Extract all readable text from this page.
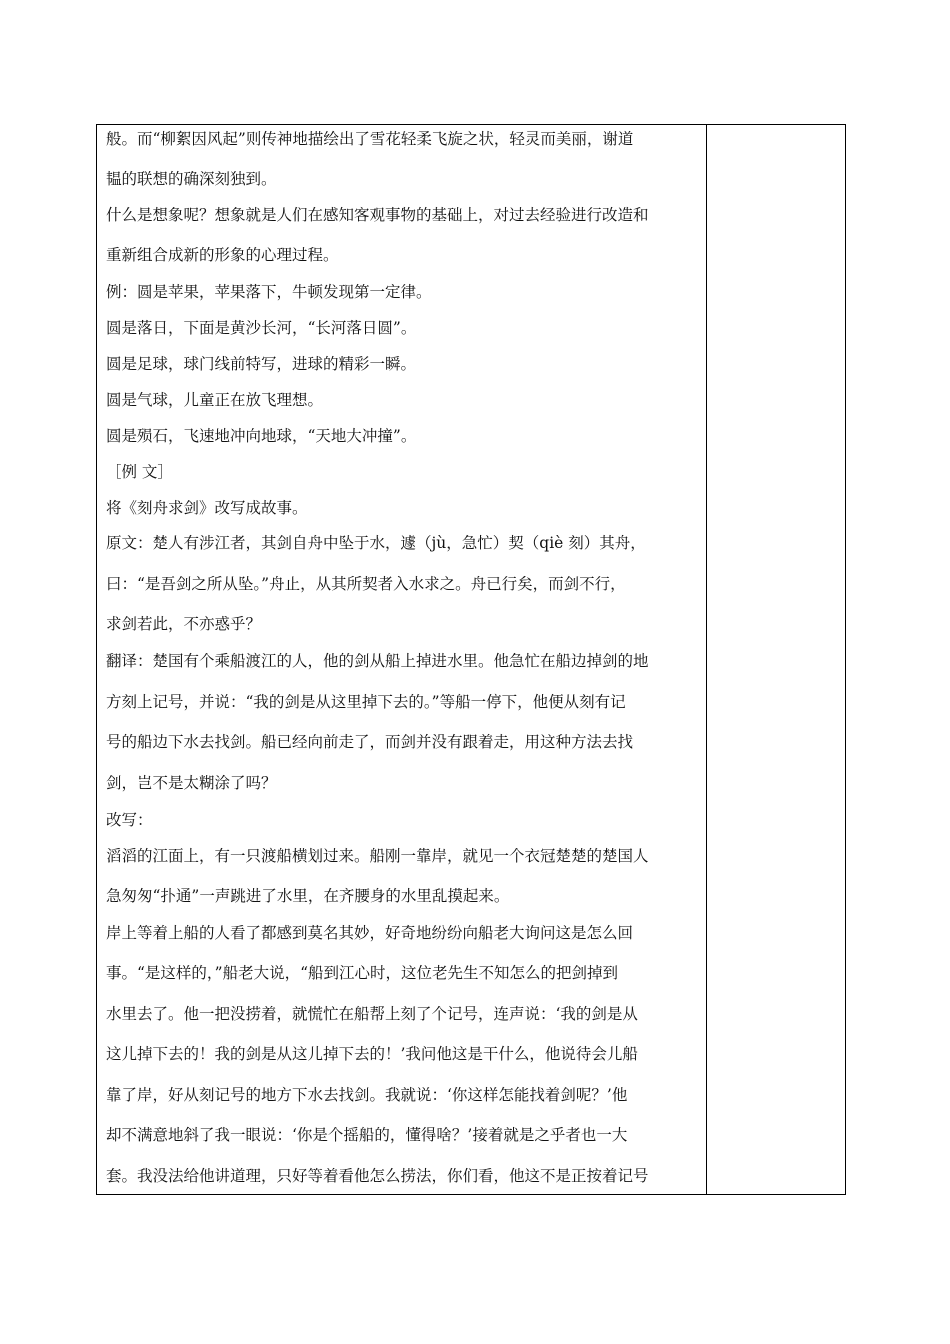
般。而“柳絮因风起”则传神地描绘出了雪花轻柔飞旋之状，轻灵而美丽，谢道
韫的联想的确深刻独到。
什么是想象呢？想象就是人们在感知客观事物的基础上，对过去经验进行改造和
重新组合成新的形象的心理过程。
例：圆是苹果，苹果落下，牛顿发现第一定律。
圆是落日，下面是黄沙长河，“长河落日圆”。
圆是足球，球门线前特写，进球的精彩一瞬。
圆是气球，儿童正在放飞理想。
圆是殒石，飞速地冲向地球，“天地大冲撞”。
［例 文］
将《刻舟求剑》改写成故事。
原文：楚人有涉江者，其剑自舟中坠于水，遽（jù，急忙）契（qiè 刻）其舟，
曰：“是吾剑之所从坠。”舟止，从其所契者入水求之。舟已行矣，而剑不行，
求剑若此，不亦惑乎？
翻译：楚国有个乘船渡江的人，他的剑从船上掉进水里。他急忙在船边掉剑的地
方刻上记号，并说：“我的剑是从这里掉下去的。”等船一停下，他便从刻有记
号的船边下水去找剑。船已经向前走了，而剑并没有跟着走，用这种方法去找
剑，岂不是太糊涂了吗？
改写：
滔滔的江面上，有一只渡船横划过来。船刚一靠岸，就见一个衣冠楚楚的楚国人
急匆匆“扑通”一声跳进了水里，在齐腰身的水里乱摸起来。
岸上等着上船的人看了都感到莫名其妙，好奇地纷纷向船老大询问这是怎么回
事。“是这样的，”船老大说，“船到江心时，这位老先生不知怎么的把剑掉到
水里去了。他一把没捞着，就慌忙在船帮上刻了个记号，连声说：‘我的剑是从
这儿掉下去的！我的剑是从这儿掉下去的！’我问他这是干什么，他说待会儿船
靠了岸，好从刻记号的地方下水去找剑。我就说：‘你这样怎能找着剑呢？’他
却不满意地斜了我一眼说：‘你是个摇船的，懂得啥？’接着就是之乎者也一大
套。我没法给他讲道理，只好等着看他怎么捞法，你们看，他这不是正按着记号
